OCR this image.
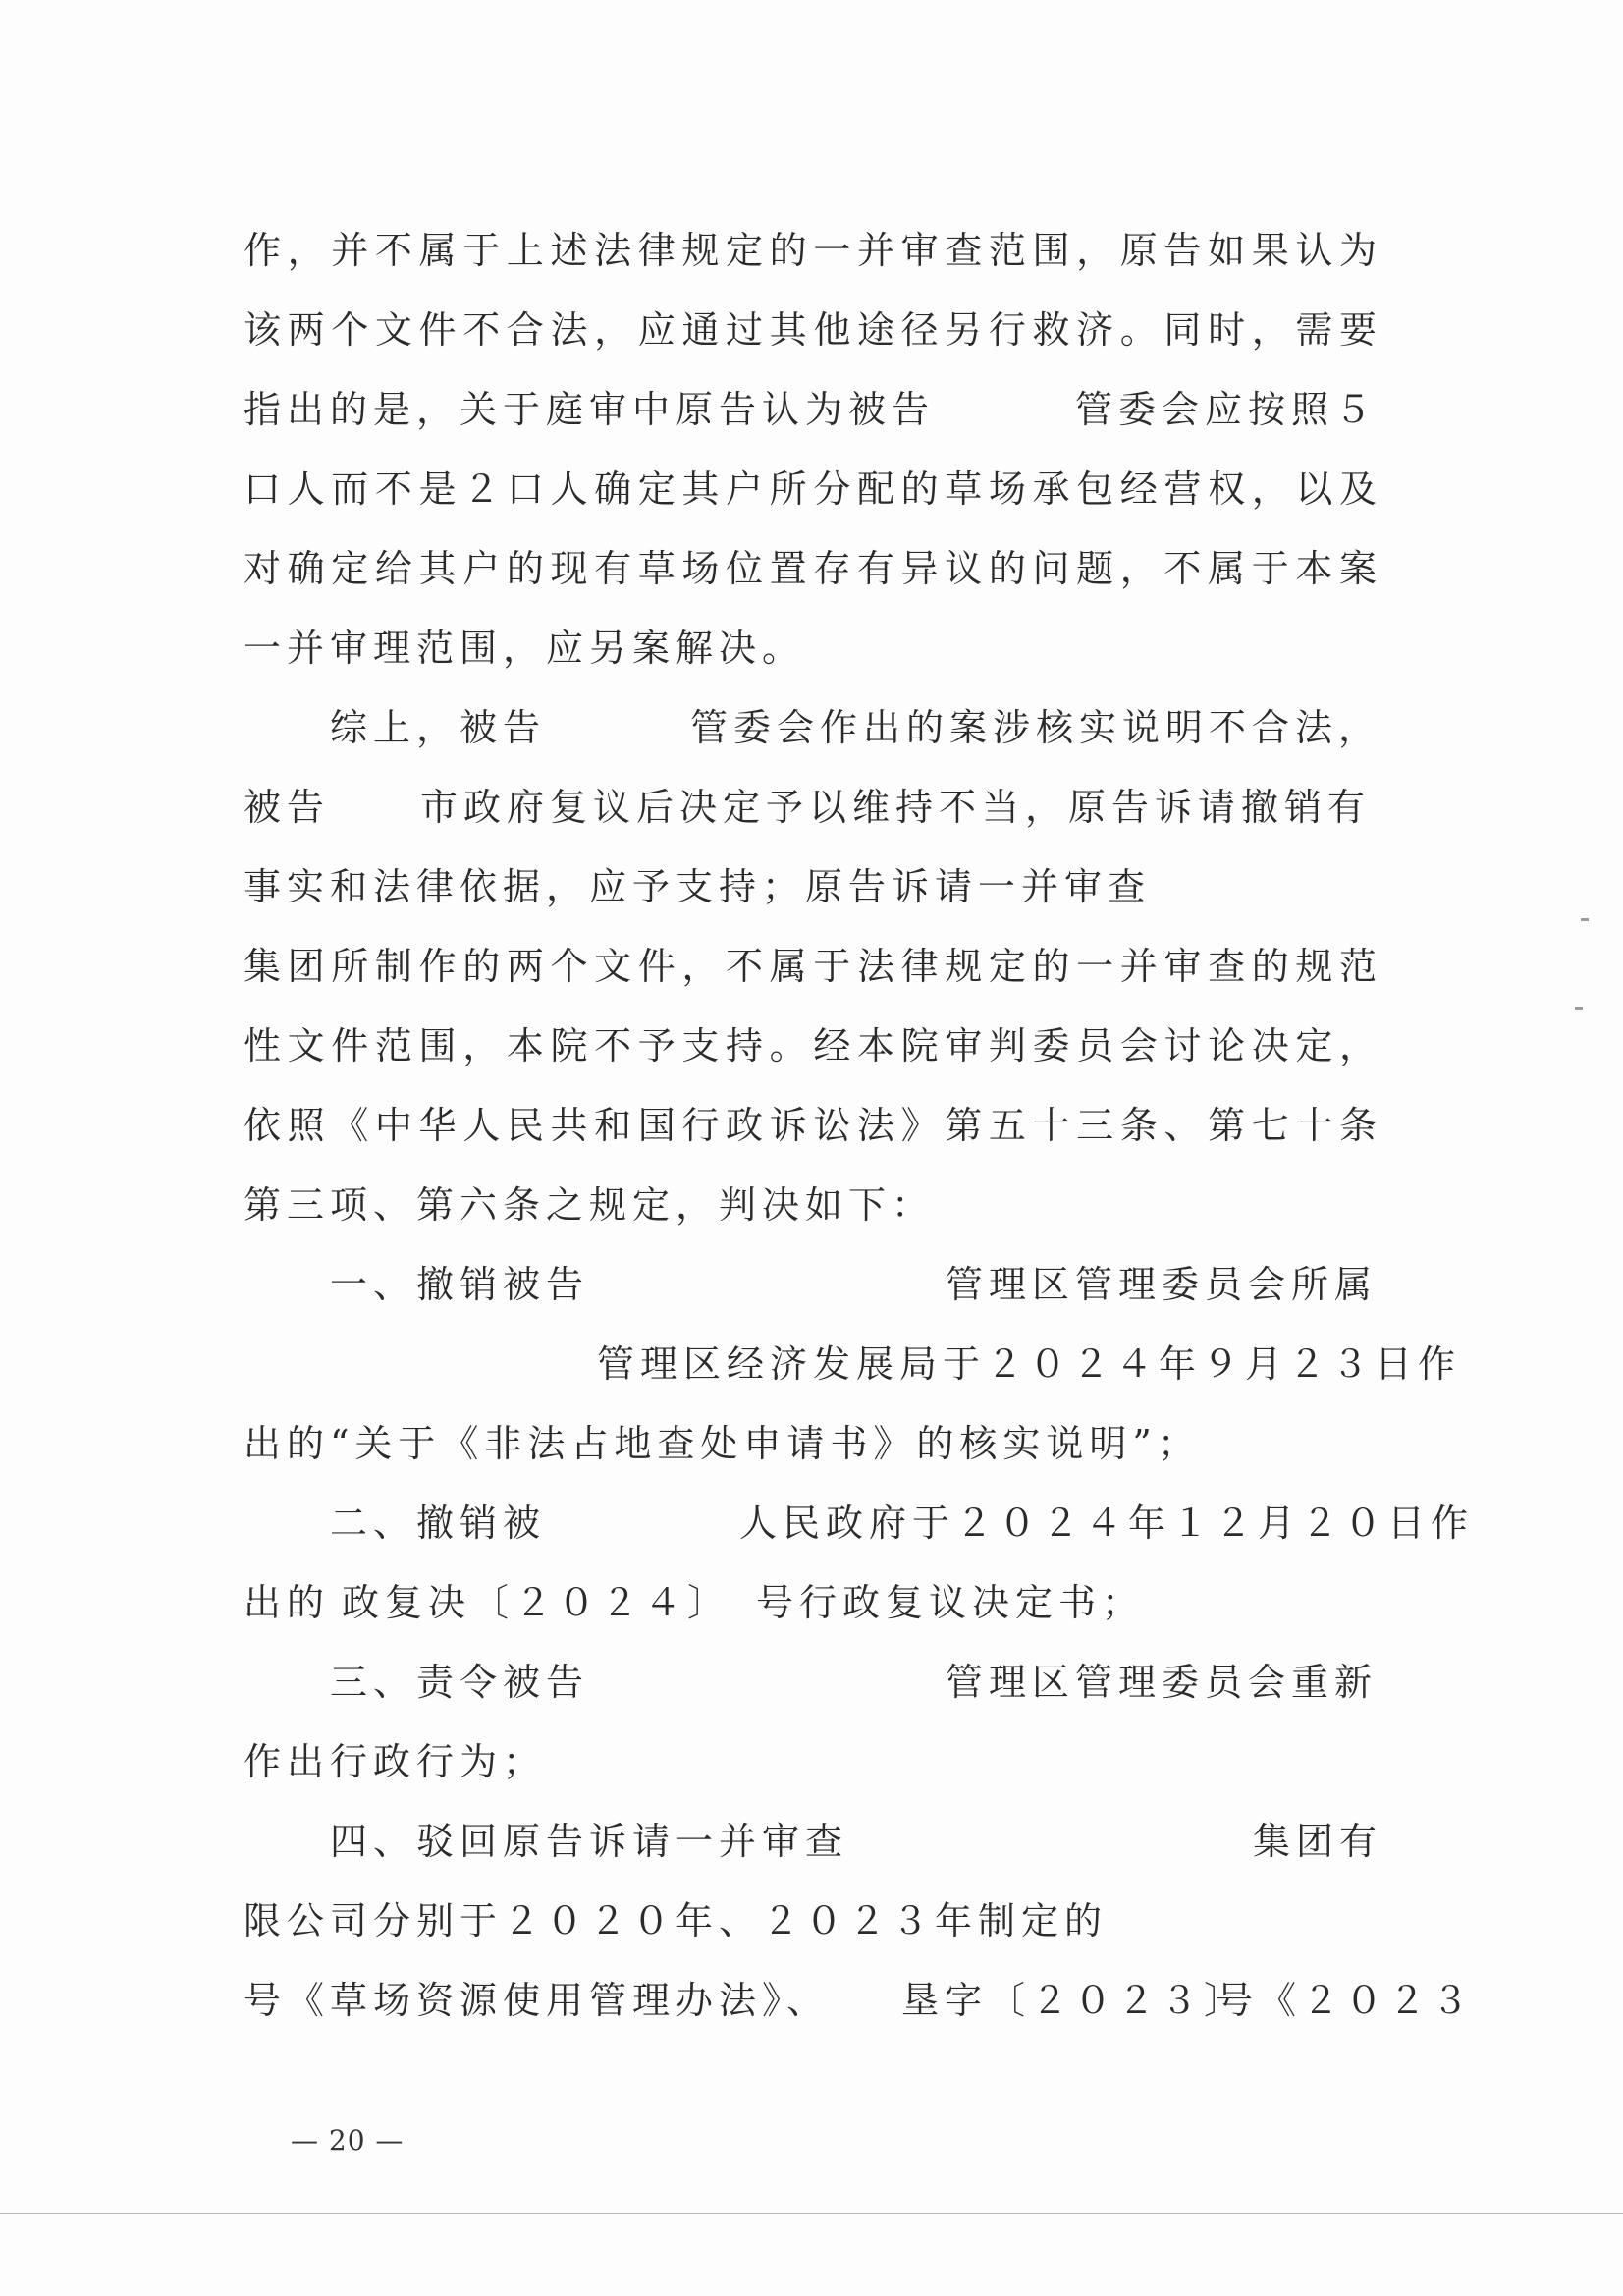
作，并不属于上述法律规定的一并审查范围，原告如果认为
该两个文件不合法，应通过其他途径另行救济。同时，需要
指出的是，关于庭审中原告认为被告	管委会应按照５
口人而不是２口人确定其户所分配的草场承包经营权，以及
对确定给其户的现有草场位置存有异议的问题，不属于本案
一并审理范围，应另案解决。
综上，被告	管委会作出的案涉核实说明不合法，
被告 市政府复议后决定予以维持不当，原告诉请撤销有
事实和法律依据，应予支持；原告诉请一并审查
集团所制作的两个文件，不属于法律规定的一并审查的规范
性文件范围，本院不予支持。经本院审判委员会讨论决定，
依照《中华人民共和国行政诉讼法》第五十三条、第七十条
第三项、第六条之规定，判决如下：
一、撤销被告	管理区管理委员会所属
管理区经济发展局于２０２４年９月２３日作
出的“关于《非法占地查处申请书》的核实说明”；
二、撤销被	人民政府于２０２４年１２月２０日作
出的 政复决〔２０２４〕 号行政复议决定书；
三、责令被告	管理区管理委员会重新
作出行政行为；
四、驳回原告诉请一并审查	集团有
限公司分别于２０２０年、２０２３年制定的
号《草场资源使用管理办法》、 垦字〔２０２３〕
号《２０２３
— 20 —
